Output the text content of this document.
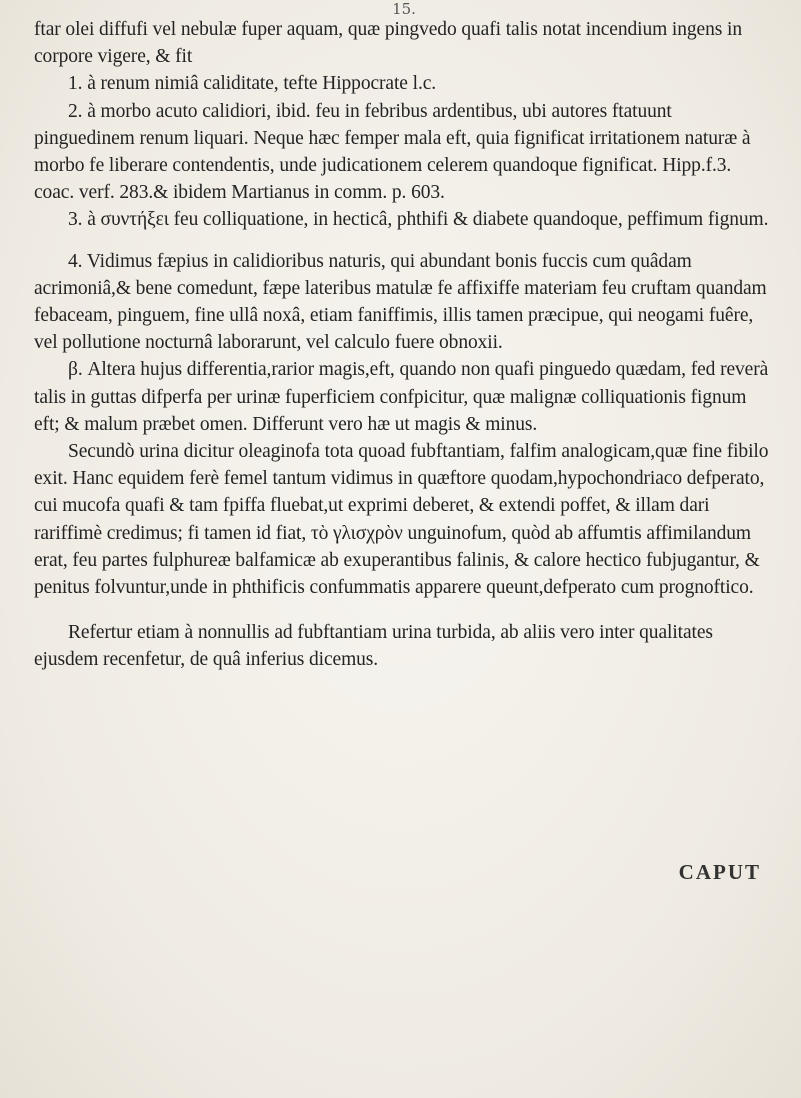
15.

ftar olei diffufi vel nebulæ fuper aquam, quæ pingvedo quafi talis notat incendium ingens in corpore vigere, & fit

1. à renum nimiâ caliditate, tefte Hippocrate l.c.

2. à morbo acuto calidiori, ibid. feu in febribus ardentibus, ubi autores ftatuunt pinguedinem renum liquari. Neque hæc femper mala eft, quia fignificat irritationem naturæ à morbo fe liberare contendentis, unde judicationem celerem quandoque fignificat. Hipp.f.3. coac. verf. 283.& ibidem Martianus in comm. p. 603.

3. à συντήξει feu colliquatione, in hecticâ, phthifi & diabete quandoque, peffimum fignum.

4. Vidimus fæpius in calidioribus naturis, qui abundant bonis fuccis cum quâdam acrimoniâ,& bene comedunt, fæpe lateribus matulæ fe affixiffe materiam feu cruftam quandam febaceam, pinguem, fine ullâ noxâ, etiam faniffimis, illis tamen præcipue, qui neogami fuêre, vel pollutione nocturnâ laborarunt, vel calculo fuere obnoxii.

β. Altera hujus differentia,rarior magis,eft, quando non quafi pinguedo quædam, fed reverà talis in guttas difperfa per urinæ fuperficiem confpicitur, quæ malignæ colliquationis fignum eft; & malum præbet omen. Differunt vero hæ ut magis & minus.

Secundò urina dicitur oleaginofa tota quoad fubftantiam, falfim analogicam,quæ fine fibilo exit. Hanc equidem ferè femel tantum vidimus in quæftore quodam,hypochondriaco defperato, cui mucofa quafi & tam fpiffa fluebat,ut exprimi deberet, & extendi poffet, & illam dari rariffimè credimus; fi tamen id fiat, τὸ γλισχρὸν unguinofum, quòd ab affumtis affimilandum erat, feu partes fulphureæ balfamicæ ab exuperantibus falinis, & calore hectico fubjugantur, & penitus folvuntur,unde in phthificis confummatis apparere queunt,defperato cum prognoftico.

Refertur etiam à nonnullis ad fubftantiam urina turbida, ab aliis vero inter qualitates ejusdem recenfetur, de quâ inferius dicemus.

CAPUT
